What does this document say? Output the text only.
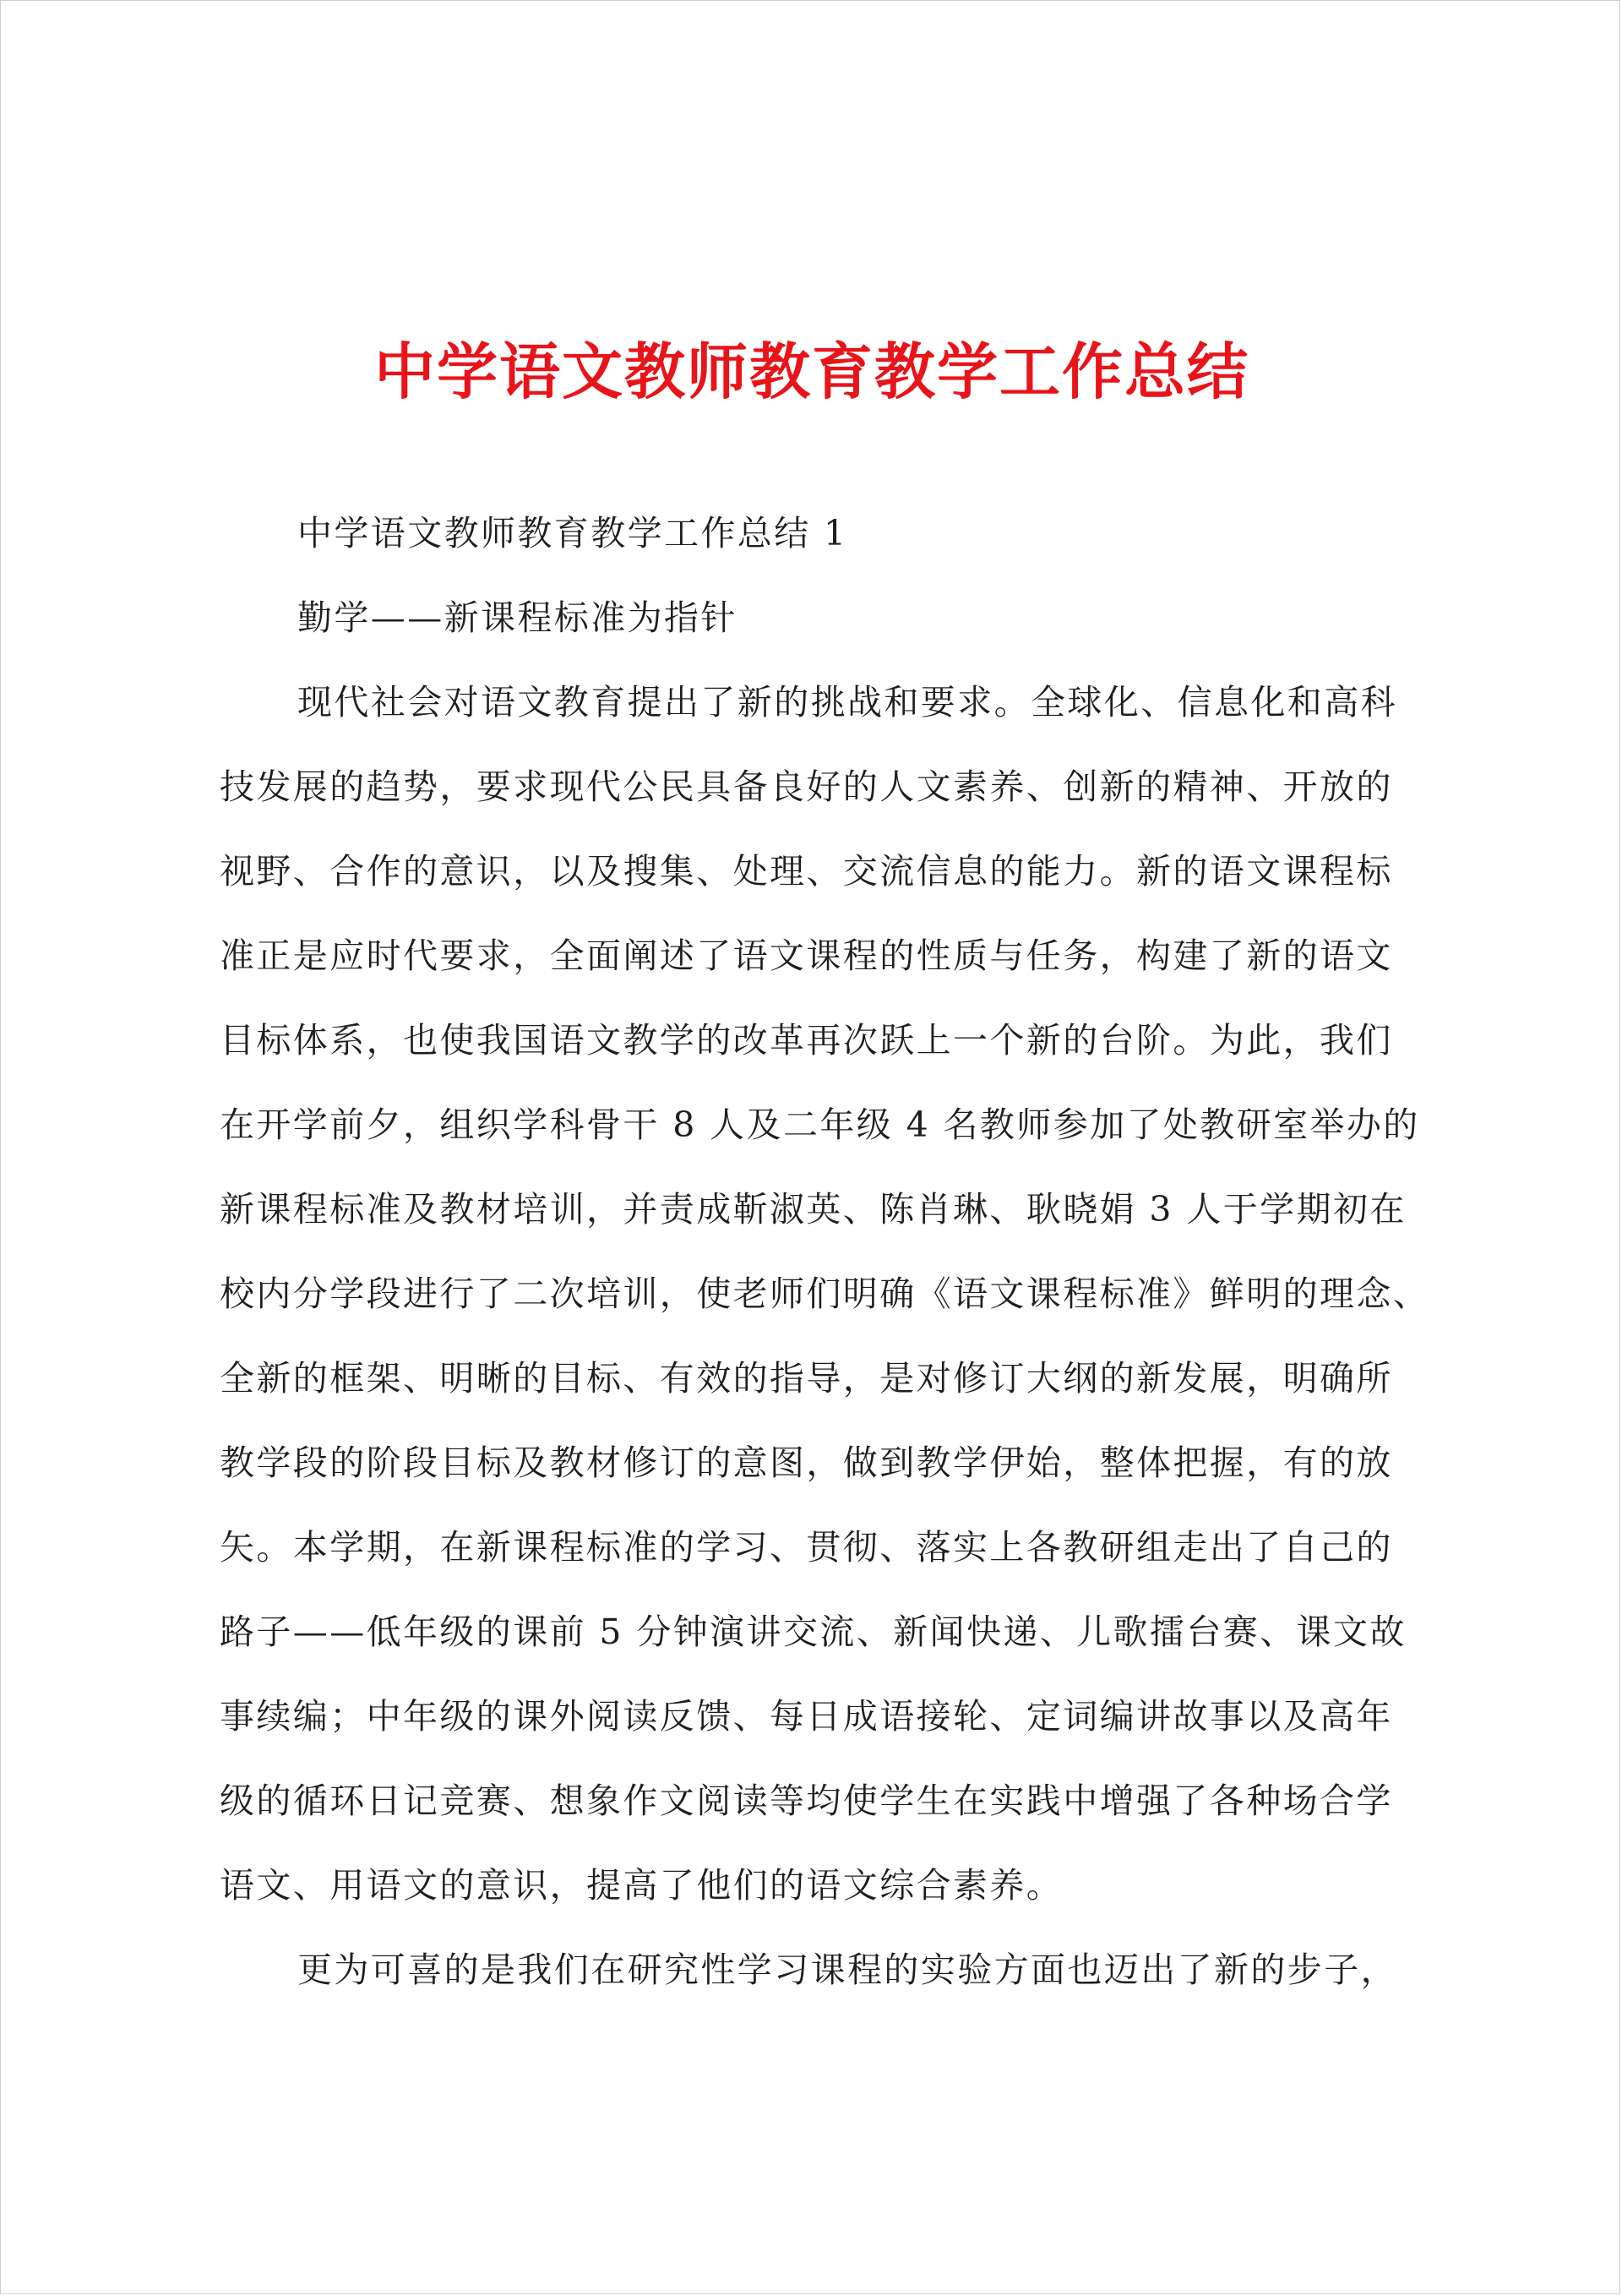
中学语文教师教育教学工作总结

中学语文教师教育教学工作总结 1

勤学——新课程标准为指针

现代社会对语文教育提出了新的挑战和要求。全球化、信息化和高科

技发展的趋势，要求现代公民具备良好的人文素养、创新的精神、开放的

视野、合作的意识，以及搜集、处理、交流信息的能力。新的语文课程标

准正是应时代要求，全面阐述了语文课程的性质与任务，构建了新的语文

目标体系，也使我国语文教学的改革再次跃上一个新的台阶。为此，我们

在开学前夕，组织学科骨干 8 人及二年级 4 名教师参加了处教研室举办的

新课程标准及教材培训，并责成靳淑英、陈肖琳、耿晓娟 3 人于学期初在

校内分学段进行了二次培训，使老师们明确《语文课程标准》鲜明的理念、

全新的框架、明晰的目标、有效的指导，是对修订大纲的新发展，明确所

教学段的阶段目标及教材修订的意图，做到教学伊始，整体把握，有的放

矢。本学期，在新课程标准的学习、贯彻、落实上各教研组走出了自己的

路子——低年级的课前 5 分钟演讲交流、新闻快递、儿歌擂台赛、课文故

事续编；中年级的课外阅读反馈、每日成语接轮、定词编讲故事以及高年

级的循环日记竞赛、想象作文阅读等均使学生在实践中增强了各种场合学

语文、用语文的意识，提高了他们的语文综合素养。

更为可喜的是我们在研究性学习课程的实验方面也迈出了新的步子，
